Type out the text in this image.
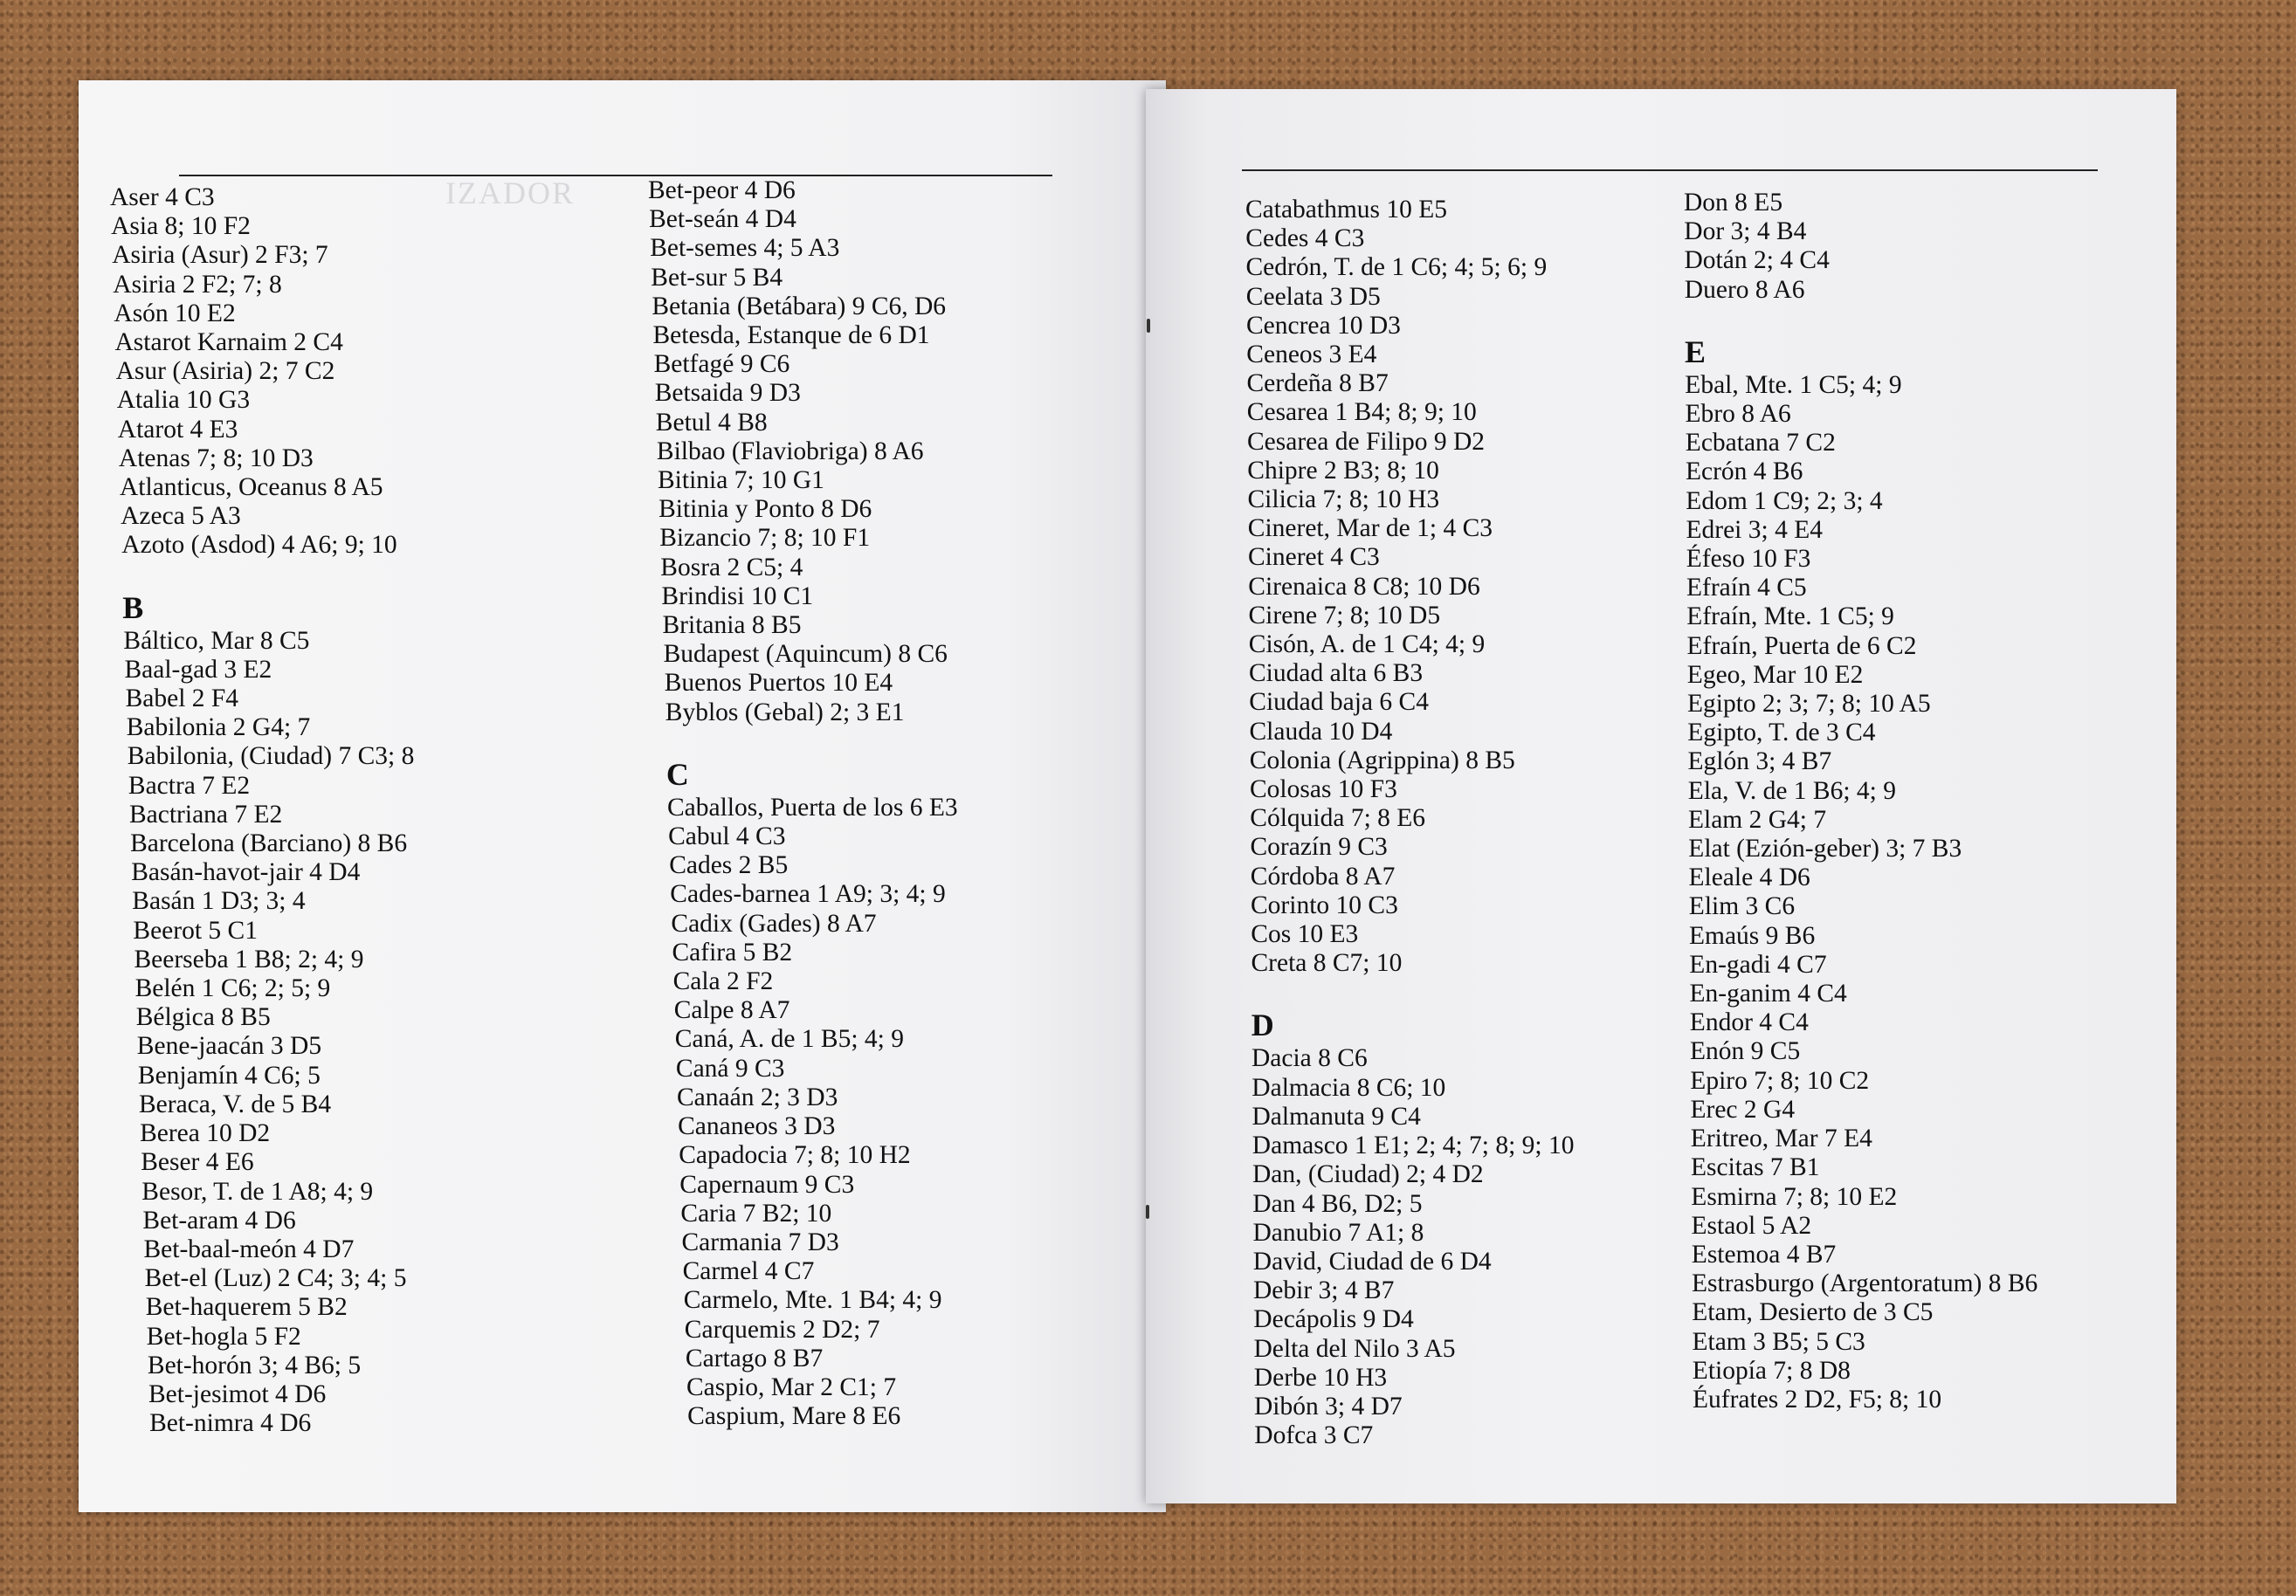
IZADOR
Aser 4 C3
Asia 8; 10 F2
Asiria (Asur) 2 F3; 7
Asiria 2 F2; 7; 8
Asón 10 E2
Astarot Karnaim 2 C4
Asur (Asiria) 2; 7 C2
Atalia 10 G3
Atarot 4 E3
Atenas 7; 8; 10 D3
Atlanticus, Oceanus 8 A5
Azeca 5 A3
Azoto (Asdod) 4 A6; 9; 10
B
Báltico, Mar 8 C5
Baal-gad 3 E2
Babel 2 F4
Babilonia 2 G4; 7
Babilonia, (Ciudad) 7 C3; 8
Bactra 7 E2
Bactriana 7 E2
Barcelona (Barciano) 8 B6
Basán-havot-jair 4 D4
Basán 1 D3; 3; 4
Beerot 5 C1
Beerseba 1 B8; 2; 4; 9
Belén 1 C6; 2; 5; 9
Bélgica 8 B5
Bene-jaacán 3 D5
Benjamín 4 C6; 5
Beraca, V. de 5 B4
Berea 10 D2
Beser 4 E6
Besor, T. de 1 A8; 4; 9
Bet-aram 4 D6
Bet-baal-meón 4 D7
Bet-el (Luz) 2 C4; 3; 4; 5
Bet-haquerem 5 B2
Bet-hogla 5 F2
Bet-horón 3; 4 B6; 5
Bet-jesimot 4 D6
Bet-nimra 4 D6
Bet-peor 4 D6
Bet-seán 4 D4
Bet-semes 4; 5 A3
Bet-sur 5 B4
Betania (Betábara) 9 C6, D6
Betesda, Estanque de 6 D1
Betfagé 9 C6
Betsaida 9 D3
Betul 4 B8
Bilbao (Flaviobriga) 8 A6
Bitinia 7; 10 G1
Bitinia y Ponto 8 D6
Bizancio 7; 8; 10 F1
Bosra 2 C5; 4
Brindisi 10 C1
Britania 8 B5
Budapest (Aquincum) 8 C6
Buenos Puertos 10 E4
Byblos (Gebal) 2; 3 E1
C
Caballos, Puerta de los 6 E3
Cabul 4 C3
Cades 2 B5
Cades-barnea 1 A9; 3; 4; 9
Cadix (Gades) 8 A7
Cafira 5 B2
Cala 2 F2
Calpe 8 A7
Caná, A. de 1 B5; 4; 9
Caná 9 C3
Canaán 2; 3 D3
Cananeos 3 D3
Capadocia 7; 8; 10 H2
Capernaum 9 C3
Caria 7 B2; 10
Carmania 7 D3
Carmel 4 C7
Carmelo, Mte. 1 B4; 4; 9
Carquemis 2 D2; 7
Cartago 8 B7
Caspio, Mar 2 C1; 7
Caspium, Mare 8 E6
Catabathmus 10 E5
Cedes 4 C3
Cedrón, T. de 1 C6; 4; 5; 6; 9
Ceelata 3 D5
Cencrea 10 D3
Ceneos 3 E4
Cerdeña 8 B7
Cesarea 1 B4; 8; 9; 10
Cesarea de Filipo 9 D2
Chipre 2 B3; 8; 10
Cilicia 7; 8; 10 H3
Cineret, Mar de 1; 4 C3
Cineret 4 C3
Cirenaica 8 C8; 10 D6
Cirene 7; 8; 10 D5
Cisón, A. de 1 C4; 4; 9
Ciudad alta 6 B3
Ciudad baja 6 C4
Clauda 10 D4
Colonia (Agrippina) 8 B5
Colosas 10 F3
Cólquida 7; 8 E6
Corazín 9 C3
Córdoba 8 A7
Corinto 10 C3
Cos 10 E3
Creta 8 C7; 10
D
Dacia 8 C6
Dalmacia 8 C6; 10
Dalmanuta 9 C4
Damasco 1 E1; 2; 4; 7; 8; 9; 10
Dan, (Ciudad) 2; 4 D2
Dan 4 B6, D2; 5
Danubio 7 A1; 8
David, Ciudad de 6 D4
Debir 3; 4 B7
Decápolis 9 D4
Delta del Nilo 3 A5
Derbe 10 H3
Dibón 3; 4 D7
Dofca 3 C7
Don 8 E5
Dor 3; 4 B4
Dotán 2; 4 C4
Duero 8 A6
E
Ebal, Mte. 1 C5; 4; 9
Ebro 8 A6
Ecbatana 7 C2
Ecrón 4 B6
Edom 1 C9; 2; 3; 4
Edrei 3; 4 E4
Éfeso 10 F3
Efraín 4 C5
Efraín, Mte. 1 C5; 9
Efraín, Puerta de 6 C2
Egeo, Mar 10 E2
Egipto 2; 3; 7; 8; 10 A5
Egipto, T. de 3 C4
Eglón 3; 4 B7
Ela, V. de 1 B6; 4; 9
Elam 2 G4; 7
Elat (Ezión-geber) 3; 7 B3
Eleale 4 D6
Elim 3 C6
Emaús 9 B6
En-gadi 4 C7
En-ganim 4 C4
Endor 4 C4
Enón 9 C5
Epiro 7; 8; 10 C2
Erec 2 G4
Eritreo, Mar 7 E4
Escitas 7 B1
Esmirna 7; 8; 10 E2
Estaol 5 A2
Estemoa 4 B7
Estrasburgo (Argentoratum) 8 B6
Etam, Desierto de 3 C5
Etam 3 B5; 5 C3
Etiopía 7; 8 D8
Éufrates 2 D2, F5; 8; 10
